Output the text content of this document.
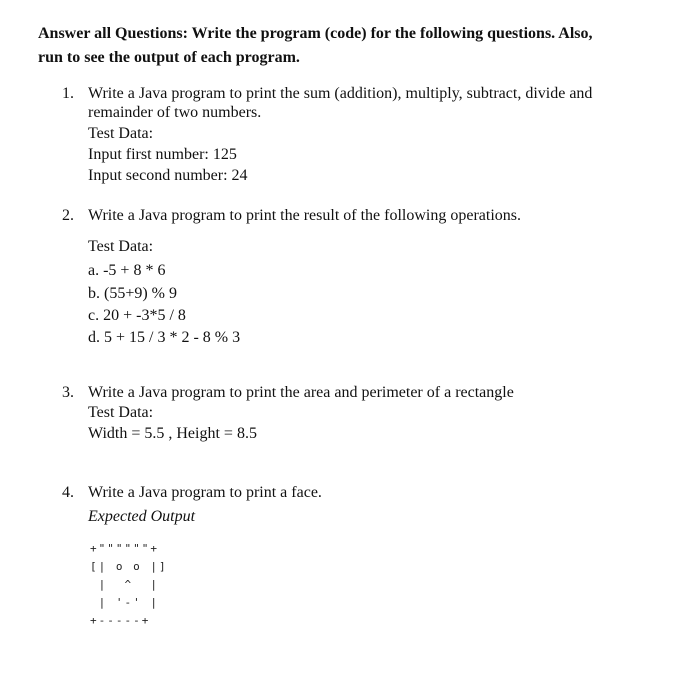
Answer all Questions: Write the program (code) for the following questions. Also,
run to see the output of each program.
1. Write a Java program to print the sum (addition), multiply, subtract, divide and
remainder of two numbers.
Test Data:
Input first number: 125
Input second number: 24
2. Write a Java program to print the result of the following operations.
Test Data:
a. -5 + 8 * 6
b. (55+9) % 9
c. 20 + -3*5 / 8
d. 5 + 15 / 3 * 2 - 8 % 3
3. Write a Java program to print the area and perimeter of a rectangle
Test Data:
Width = 5.5 , Height = 8.5
4. Write a Java program to print a face.
Expected Output
+""""""+
[| o o |]
|  ^  |
| '-' |
+-----+
